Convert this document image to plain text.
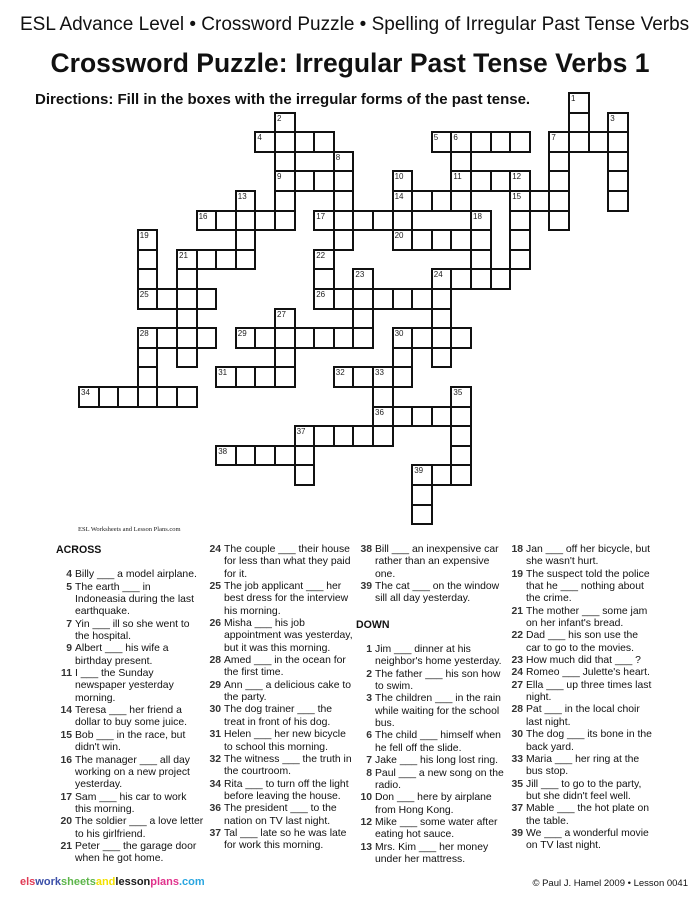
ESL Advance Level • Crossword Puzzle • Spelling of Irregular Past Tense Verbs
Crossword Puzzle: Irregular Past Tense Verbs 1
Directions: Fill in the boxes with the irregular forms of the past tense.	1
2	3
4	5 6	7
8
9	10	11	12
13	14	15
16	17	18
19	20
21	22
23	24
25	26
27
28	29	30
31	32	33
34	35
36
37
38
39
ESL Worksheets and Lesson Plans.com
ACROSS
4 Billy ___ a model airplane.
5 The earth ___ in Indoneasia during the last earthquake.
7 Yin ___ ill so she went to the hospital.
9 Albert ___ his wife a birthday present.
11 I ___ the Sunday newspaper yesterday morning.
14 Teresa ___ her friend a dollar to buy some juice.
15 Bob ___ in the race, but didn't win.
16 The manager ___ all day working on a new project yesterday.
17 Sam ___ his car to work this morning.
20 The soldier ___ a love letter to his girlfriend.
21 Peter ___ the garage door when he got home.
24 The couple ___ their house for less than what they paid for it.
25 The job applicant ___ her best dress for the interview his morning.
26 Misha ___ his job appointment was yesterday, but it was this morning.
28 Amed ___ in the ocean for the first time.
29 Ann ___ a delicious cake to the party.
30 The dog trainer ___ the treat in front of his dog.
31 Helen ___ her new bicycle to school this morning.
32 The witness ___ the truth in the courtroom.
34 Rita ___ to turn off the light before leaving the house.
36 The president ___ to the nation on TV last night.
37 Tal ___ late so he was late for work this morning.
38 Bill ___ an inexpensive car rather than an expensive one.
39 The cat ___ on the window sill all day yesterday.
DOWN
1 Jim ___ dinner at his neighbor's home yesterday.
2 The father ___ his son how to swim.
3 The children ___ in the rain while waiting for the school bus.
6 The child ___ himself when he fell off the slide.
7 Jake ___ his long lost ring.
8 Paul ___ a new song on the radio.
10 Don ___ here by airplane from Hong Kong.
12 Mike ___ some water after eating hot sauce.
13 Mrs. Kim ___ her money under her mattress.
18 Jan ___ off her bicycle, but she wasn't hurt.
19 The suspect told the police that he ___ nothing about the crime.
21 The mother ___ some jam on her infant's bread.
22 Dad ___ his son use the car to go to the movies.
23 How much did that ___ ?
24 Romeo ___ Julette's heart.
27 Ella ___ up three times last night.
28 Pat ___ in the local choir last night.
30 The dog ___ its bone in the back yard.
33 Maria ___ her ring at the bus stop.
35 Jill ___ to go to the party, but she didn't feel well.
37 Mable ___ the hot plate on the table.
39 We ___ a wonderful movie on TV last night.
elsworksheetsandlessonplans.com	© Paul J. Hamel 2009 • Lesson 0041
